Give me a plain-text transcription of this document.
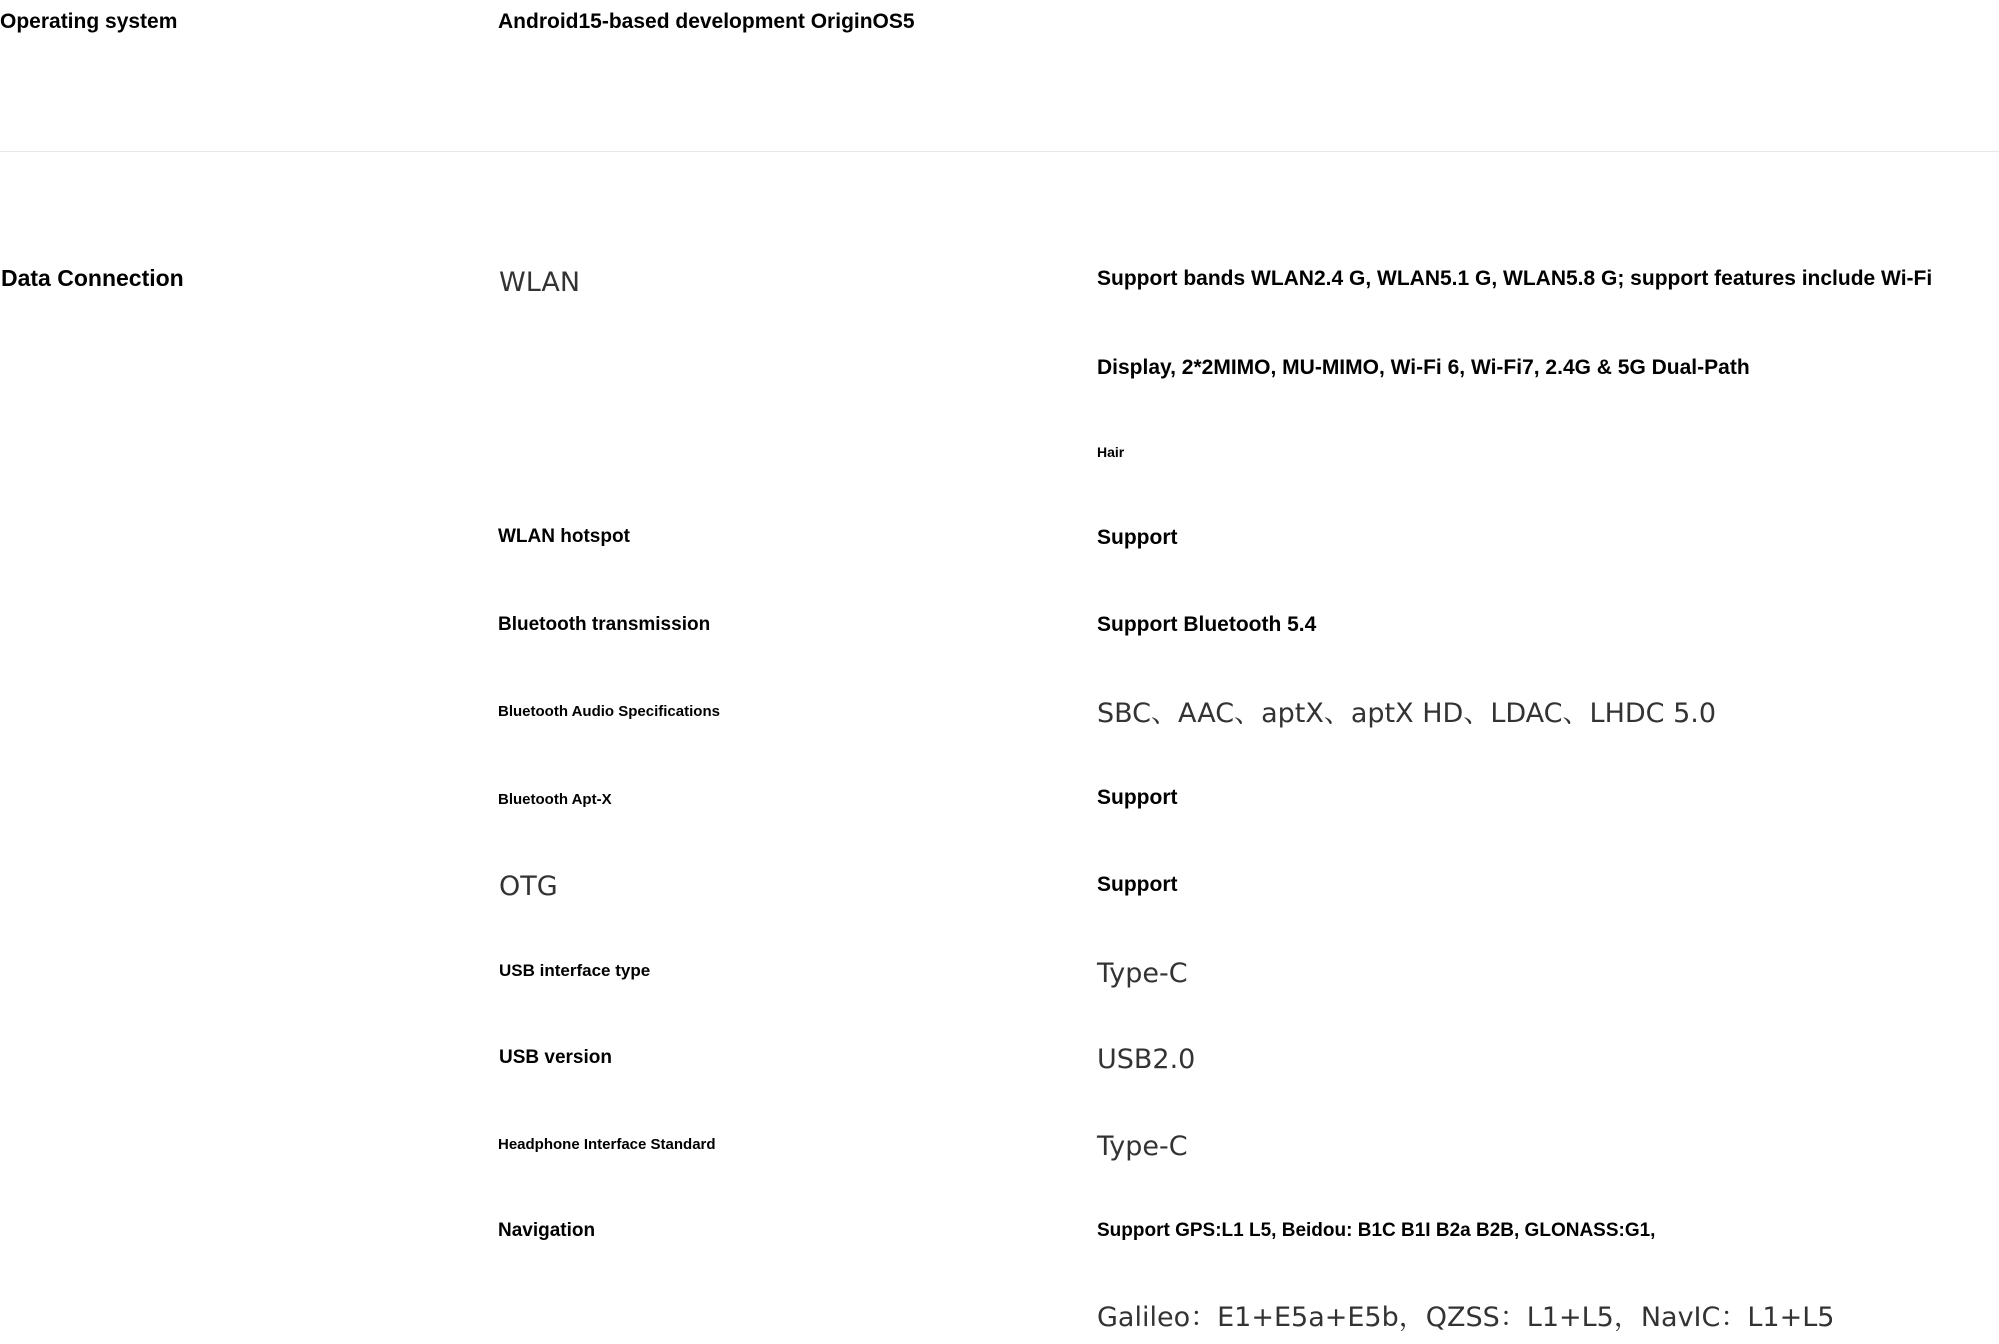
Operating system	Android15-based development OriginOS5
Data Connection	WLAN	Support bands WLAN2.4 G, WLAN5.1 G, WLAN5.8 G; support features include Wi-Fi
Display, 2*2MIMO, MU-MIMO, Wi-Fi 6, Wi-Fi7, 2.4G & 5G Dual-Path
Hair
WLAN hotspot	Support
Bluetooth transmission	Support Bluetooth 5.4
Bluetooth Audio Specifications	SBC、AAC、aptX、aptX HD、LDAC、LHDC 5.0
Bluetooth Apt-X	Support
OTG	Support
USB interface type	Type-C
USB version	USB2.0
Headphone Interface Standard	Type-C
Navigation	Support GPS:L1 L5, Beidou: B1C B1I B2a B2B, GLONASS:G1,
Galileo：E1+E5a+E5b，QZSS：L1+L5，NavIC：L1+L5
